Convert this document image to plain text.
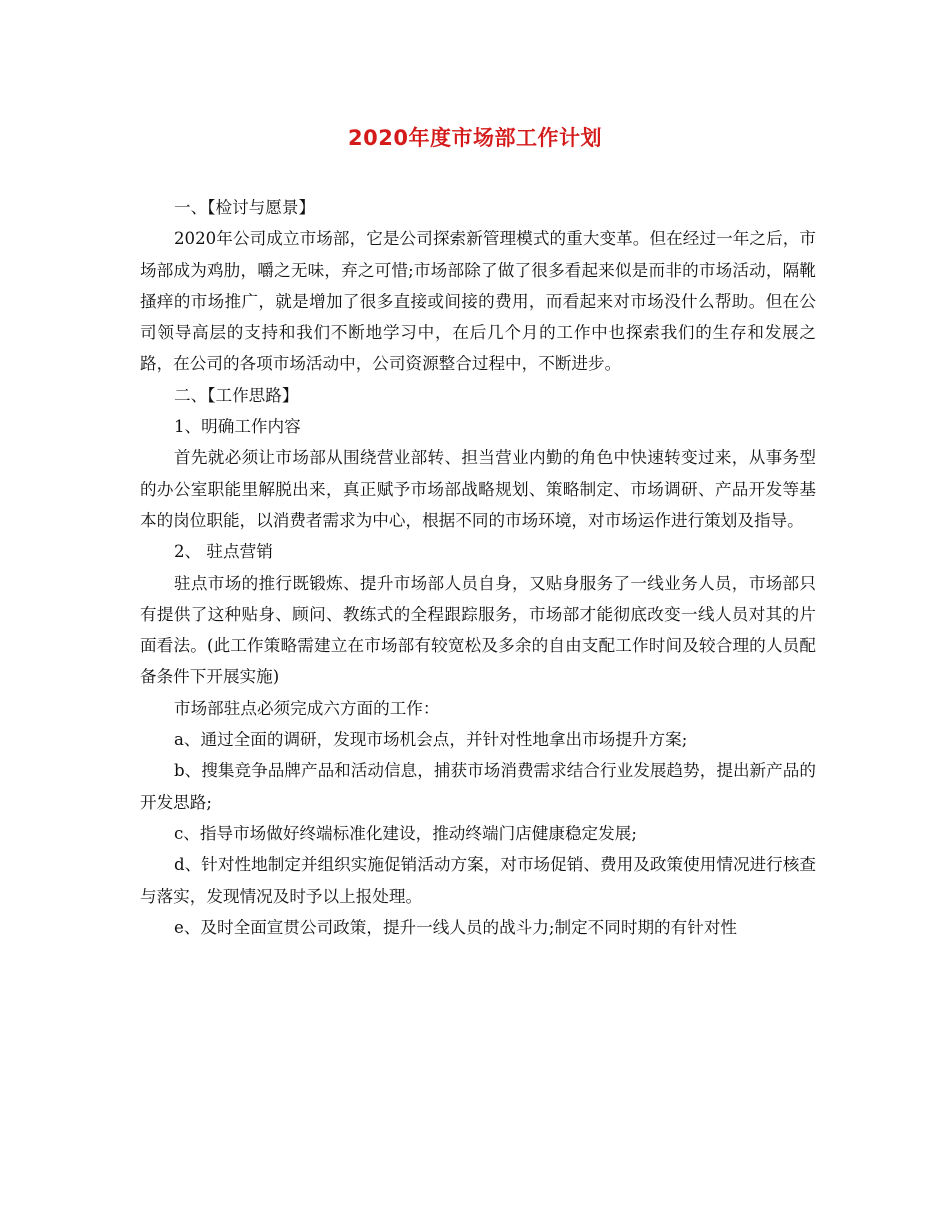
2020年度市场部工作计划

一、【检讨与愿景】

2020年公司成立市场部，它是公司探索新管理模式的重大变革。但在经过一年之后，市场部成为鸡肋，嚼之无味，弃之可惜;市场部除了做了很多看起来似是而非的市场活动，隔靴搔痒的市场推广，就是增加了很多直接或间接的费用，而看起来对市场没什么帮助。但在公司领导高层的支持和我们不断地学习中，在后几个月的工作中也探索我们的生存和发展之路，在公司的各项市场活动中，公司资源整合过程中，不断进步。

二、【工作思路】

1、明确工作内容

首先就必须让市场部从围绕营业部转、担当营业内勤的角色中快速转变过来，从事务型的办公室职能里解脱出来，真正赋予市场部战略规划、策略制定、市场调研、产品开发等基本的岗位职能，以消费者需求为中心，根据不同的市场环境，对市场运作进行策划及指导。

2、 驻点营销

驻点市场的推行既锻炼、提升市场部人员自身，又贴身服务了一线业务人员，市场部只有提供了这种贴身、顾问、教练式的全程跟踪服务，市场部才能彻底改变一线人员对其的片面看法。(此工作策略需建立在市场部有较宽松及多余的自由支配工作时间及较合理的人员配备条件下开展实施)

市场部驻点必须完成六方面的工作：

a、通过全面的调研，发现市场机会点，并针对性地拿出市场提升方案;

b、搜集竞争品牌产品和活动信息，捕获市场消费需求结合行业发展趋势，提出新产品的开发思路;

c、指导市场做好终端标准化建设，推动终端门店健康稳定发展;

d、针对性地制定并组织实施促销活动方案，对市场促销、费用及政策使用情况进行核查与落实，发现情况及时予以上报处理。

e、及时全面宣贯公司政策，提升一线人员的战斗力;制定不同时期的有针对性
